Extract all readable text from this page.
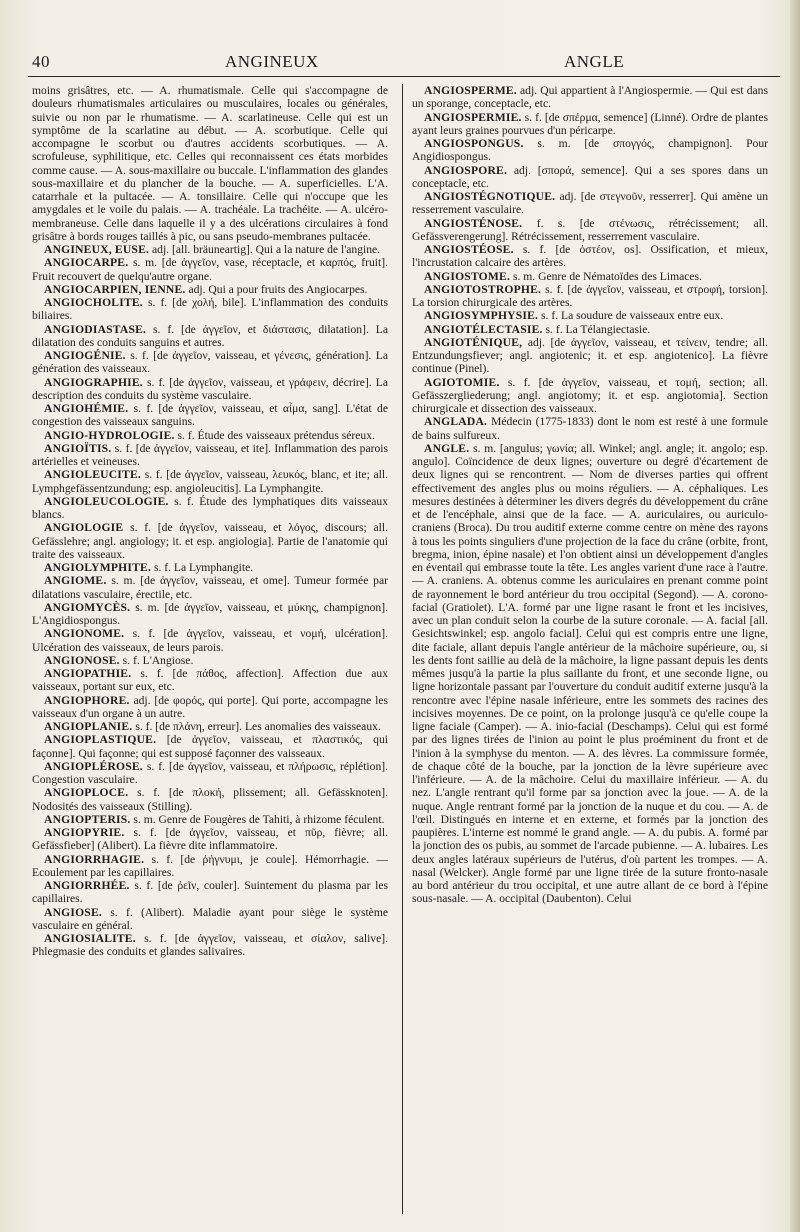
40	ANGINEUX	ANGLE

moins grisâtres, etc. — A. rhumatismale. Celle qui s'accompagne de douleurs rhumatismales articulaires ou musculaires, locales ou générales, suivie ou non par le rhumatisme. — A. scarlatineuse. Celle qui est un symptôme de la scarlatine au début. — A. scorbutique. Celle qui accompagne le scorbut ou d'autres accidents scorbutiques. — A. scrofuleuse, syphilitique, etc. Celles qui reconnaissent ces états morbides comme cause. — A. sous-maxillaire ou buccale. L'inflammation des glandes sous-maxillaire et du plancher de la bouche. — A. superficielles. L'A. catarrhale et la pultacée. — A. tonsillaire. Celle qui n'occupe que les amygdales et le voile du palais. — A. trachéale. La trachéite. — A. ulcéro-membraneuse. Celle dans laquelle il y a des ulcérations circulaires à fond grisâtre à bords rouges taillés à pic, ou sans pseudo-membranes pultacée.

ANGINEUX, EUSE. adj. [all. bräuneartig]. Qui a la nature de l'angine.

ANGIOCARPE. s. m. [de ἀγγεῖον, vase, réceptacle, et καρπός, fruit]. Fruit recouvert de quelqu'autre organe.

ANGIOCARPIEN, IENNE. adj. Qui a pour fruits des Angiocarpes.

ANGIOCHOLITE. s. f. [de χολή, bile]. L'inflammation des conduits biliaires.

ANGIODIASTASE. s. f. [de ἀγγεῖον, et διάστασις, dilatation]. La dilatation des conduits sanguins et autres.

ANGIOGÉNIE. s. f. [de ἀγγεῖον, vaisseau, et γένεσις, génération]. La génération des vaisseaux.

ANGIOGRAPHIE. s. f. [de ἀγγεῖον, vaisseau, et γράφειν, décrire]. La description des conduits du système vasculaire.

ANGIOHÉMIE. s. f. [de ἀγγεῖον, vaisseau, et αἷμα, sang]. L'état de congestion des vaisseaux sanguins.

ANGIO-HYDROLOGIE. s. f. Étude des vaisseaux prétendus séreux.

ANGIOÏTIS. s. f. [de ἀγγεῖον, vaisseau, et ite]. Inflammation des parois artérielles et veineuses.

ANGIOLEUCITE. s. f. [de ἀγγεῖον, vaisseau, λευκός, blanc, et ite; all. Lymphgefässentzundung; esp. angioleucitis]. La Lymphangite.

ANGIOLEUCOLOGIE. s. f. Étude des lymphatiques dits vaisseaux blancs.

ANGIOLOGIE s. f. [de ἀγγεῖον, vaisseau, et λόγος, discours; all. Gefässlehre; angl. angiology; it. et esp. angiologia]. Partie de l'anatomie qui traite des vaisseaux.

ANGIOLYMPHITE. s. f. La Lymphangite.

ANGIOME. s. m. [de ἀγγεῖον, vaisseau, et ome]. Tumeur formée par dilatations vasculaire, érectile, etc.

ANGIOMYCÈS. s. m. [de ἀγγεῖον, vaisseau, et μύκης, champignon]. L'Angidiospongus.

ANGIONOME. s. f. [de ἀγγεῖον, vaisseau, et νομή, ulcération]. Ulcération des vaisseaux, de leurs parois.

ANGIONOSE. s. f. L'Angiose.

ANGIOPATHIE. s. f. [de πάθος, affection]. Affection due aux vaisseaux, portant sur eux, etc.

ANGIOPHORE. adj. [de φορός, qui porte]. Qui porte, accompagne les vaisseaux d'un organe à un autre.

ANGIOPLANIE. s. f. [de πλάνη, erreur]. Les anomalies des vaisseaux.

ANGIOPLASTIQUE. [de ἀγγεῖον, vaisseau, et πλαστικός, qui façonne]. Qui façonne; qui est supposé façonner des vaisseaux.

ANGIOPLÉROSE. s. f. [de ἀγγεῖον, vaisseau, et πλήρωσις, réplétion]. Congestion vasculaire.

ANGIOPLOCE. s. f. [de πλοκή, plissement; all. Gefässknoten]. Nodosités des vaisseaux (Stilling).

ANGIOPTERIS. s. m. Genre de Fougères de Tahiti, à rhizome féculent.

ANGIOPYRIE. s. f. [de ἀγγεῖον, vaisseau, et πῦρ, fièvre; all. Gefässfieber] (Alibert). La fièvre dite inflammatoire.

ANGIORRHAGIE. s. f. [de ῥήγνυμι, je coule]. Hémorrhagie. — Ecoulement par les capillaires.

ANGIORRHÉE. s. f. [de ῥεῖν, couler]. Suintement du plasma par les capillaires.

ANGIOSE. s. f. (Alibert). Maladie ayant pour siège le système vasculaire en général.

ANGIOSIALITE. s. f. [de ἀγγεῖον, vaisseau, et σίαλον, salive]. Phlegmasie des conduits et glandes salivaires.

ANGIOSPERME. adj. Qui appartient à l'Angiospermie. — Qui est dans un sporange, conceptacle, etc.

ANGIOSPERMIE. s. f. [de σπέρμα, semence] (Linné). Ordre de plantes ayant leurs graines pourvues d'un péricarpe.

ANGIOSPONGUS. s. m. [de σπογγός, champignon]. Pour Angidiospongus.

ANGIOSPORE. adj. [σπορά, semence]. Qui a ses spores dans un conceptacle, etc.

ANGIOSTÉGNOTIQUE. adj. [de στεγνοῦν, resserrer]. Qui amène un resserrement vasculaire.

ANGIOSTÉNOSE. f. s. [de στένωσις, rétrécissement; all. Gefässverengerung]. Rétrécissement, resserrement vasculaire.

ANGIOSTÉOSE. s. f. [de ὀστέον, os]. Ossification, et mieux, l'incrustation calcaire des artères.

ANGIOSTOME. s. m. Genre de Nématoïdes des Limaces.

ANGIOTOSTROPHE. s. f. [de ἀγγεῖον, vaisseau, et στροφή, torsion]. La torsion chirurgicale des artères.

ANGIOSYMPHYSIE. s. f. La soudure de vaisseaux entre eux.

ANGIOTÉLECTASIE. s. f. La Télangiectasie.

ANGIOTÉNIQUE, adj. [de ἀγγεῖον, vaisseau, et τείνειν, tendre; all. Entzundungsfiever; angl. angiotenic; it. et esp. angiotenico]. La fièvre continue (Pinel).

AGIOTOMIE. s. f. [de ἀγγεῖον, vaisseau, et τομή, section; all. Gefässzergliederung; angl. angiotomy; it. et esp. angiotomia]. Section chirurgicale et dissection des vaisseaux.

ANGLADA. Médecin (1775-1833) dont le nom est resté à une formule de bains sulfureux.

ANGLE. s. m. [angulus; γωνία; all. Winkel; angl. angle; it. angolo; esp. angulo]. Coïncidence de deux lignes; ouverture ou degré d'écartement de deux lignes qui se rencontrent. — Nom de diverses parties qui offrent effectivement des angles plus ou moins réguliers. — A. céphaliques. Les mesures destinées à déterminer les divers degrés du développement du crâne et de l'encéphale, ainsi que de la face. — A. auriculaires, ou auriculo-craniens (Broca). Du trou auditif externe comme centre on mène des rayons à tous les points singuliers d'une projection de la face du crâne (orbite, front, bregma, inion, épine nasale) et l'on obtient ainsi un développement d'angles en éventail qui embrasse toute la tête. Les angles varient d'une race à l'autre. — A. craniens. A. obtenus comme les auriculaires en prenant comme point de rayonnement le bord antérieur du trou occipital (Segond). — A. corono-facial (Gratiolet). L'A. formé par une ligne rasant le front et les incisives, avec un plan conduit selon la courbe de la suture coronale. — A. facial [all. Gesichtswinkel; esp. angolo facial]. Celui qui est compris entre une ligne, dite faciale, allant depuis l'angle antérieur de la mâchoire supérieure, ou, si les dents font saillie au delà de la mâchoire, la ligne passant depuis les dents mêmes jusqu'à la partie la plus saillante du front, et une seconde ligne, ou ligne horizontale passant par l'ouverture du conduit auditif externe jusqu'à la rencontre avec l'épine nasale inférieure, entre les sommets des racines des incisives moyennes. De ce point, on la prolonge jusqu'à ce qu'elle coupe la ligne faciale (Camper). — A. inio-facial (Deschamps). Celui qui est formé par des lignes tirées de l'inion au point le plus proéminent du front et de l'inion à la symphyse du menton. — A. des lèvres. La commissure formée, de chaque côté de la bouche, par la jonction de la lèvre supérieure avec l'inférieure. — A. de la mâchoire. Celui du maxillaire inférieur. — A. du nez. L'angle rentrant qu'il forme par sa jonction avec la joue. — A. de la nuque. Angle rentrant formé par la jonction de la nuque et du cou. — A. de l'œil. Distingués en interne et en externe, et formés par la jonction des paupières. L'interne est nommé le grand angle. — A. du pubis. A. formé par la jonction des os pubis, au sommet de l'arcade pubienne. — A. lubaires. Les deux angles latéraux supérieurs de l'utérus, d'où partent les trompes. — A. nasal (Welcker). Angle formé par une ligne tirée de la suture fronto-nasale au bord antérieur du trou occipital, et une autre allant de ce bord à l'épine sous-nasale. — A. occipital (Daubenton). Celui
